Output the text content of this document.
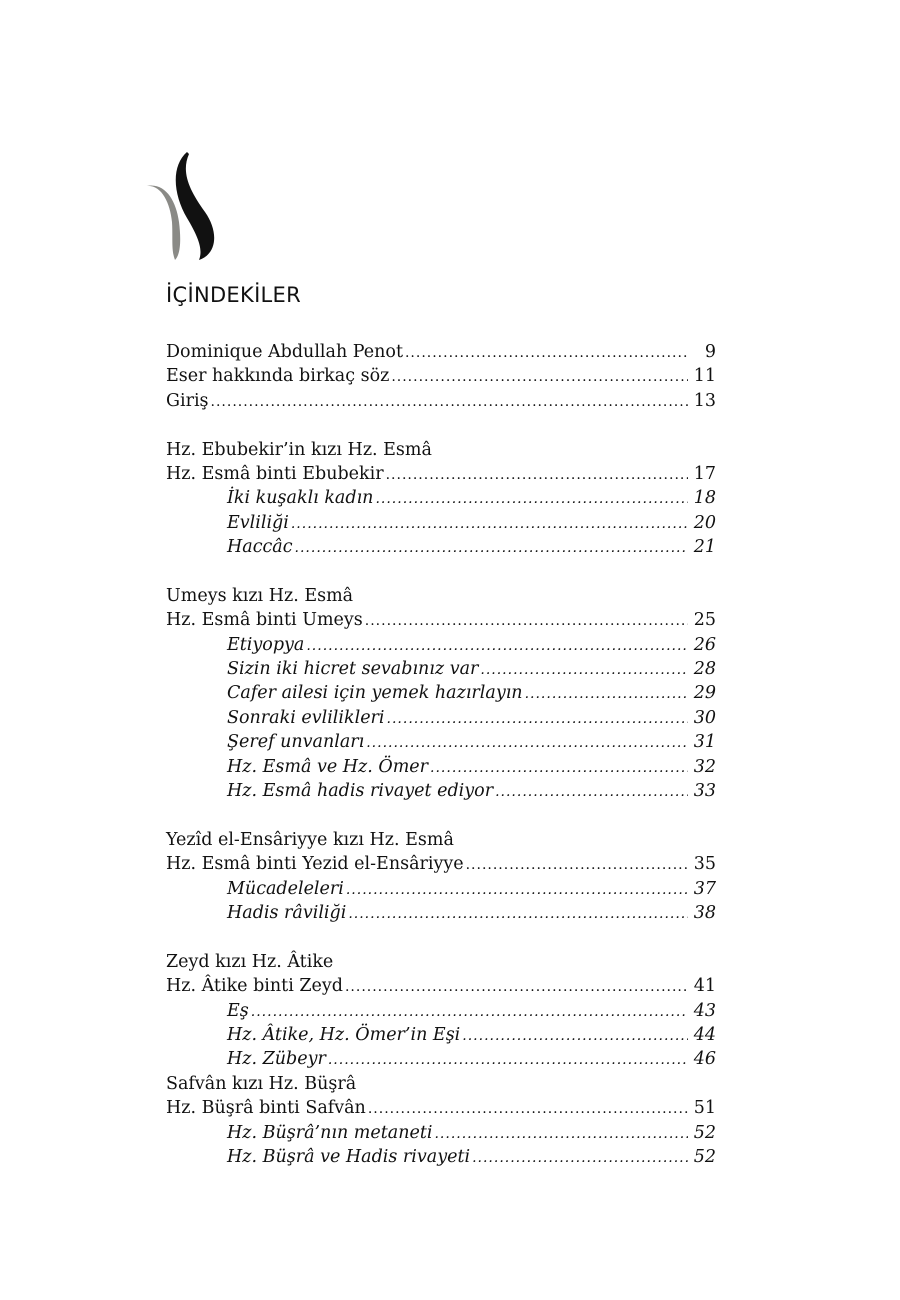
İÇİNDEKİLER
Dominique Abdullah Penot .....	9
Eser hakkında birkaç söz .....	11
Giriş .....	13
Hz. Ebubekir’in kızı Hz. Esmâ
Hz. Esmâ binti Ebubekir .....	17
İki kuşaklı kadın .....	18
Evliliği .....	20
Haccâc .....	21
Umeys kızı Hz. Esmâ
Hz. Esmâ binti Umeys .....	25
Etiyopya .....	26
Sizin iki hicret sevabınız var .....	28
Cafer ailesi için yemek hazırlayın .....	29
Sonraki evlilikleri .....	30
Şeref unvanları .....	31
Hz. Esmâ ve Hz. Ömer .....	32
Hz. Esmâ hadis rivayet ediyor .....	33
Yezîd el-Ensâriyye kızı Hz. Esmâ
Hz. Esmâ binti Yezid el-Ensâriyye .....	35
Mücadeleleri .....	37
Hadis râviliği .....	38
Zeyd kızı Hz. Âtike
Hz. Âtike binti Zeyd .....	41
Eş .....	43
Hz. Âtike, Hz. Ömer’in Eşi .....	44
Hz. Zübeyr .....	46
Safvân kızı Hz. Büşrâ
Hz. Büşrâ binti Safvân .....	51
Hz. Büşrâ’nın metaneti .....	52
Hz. Büşrâ ve Hadis rivayeti .....	52
